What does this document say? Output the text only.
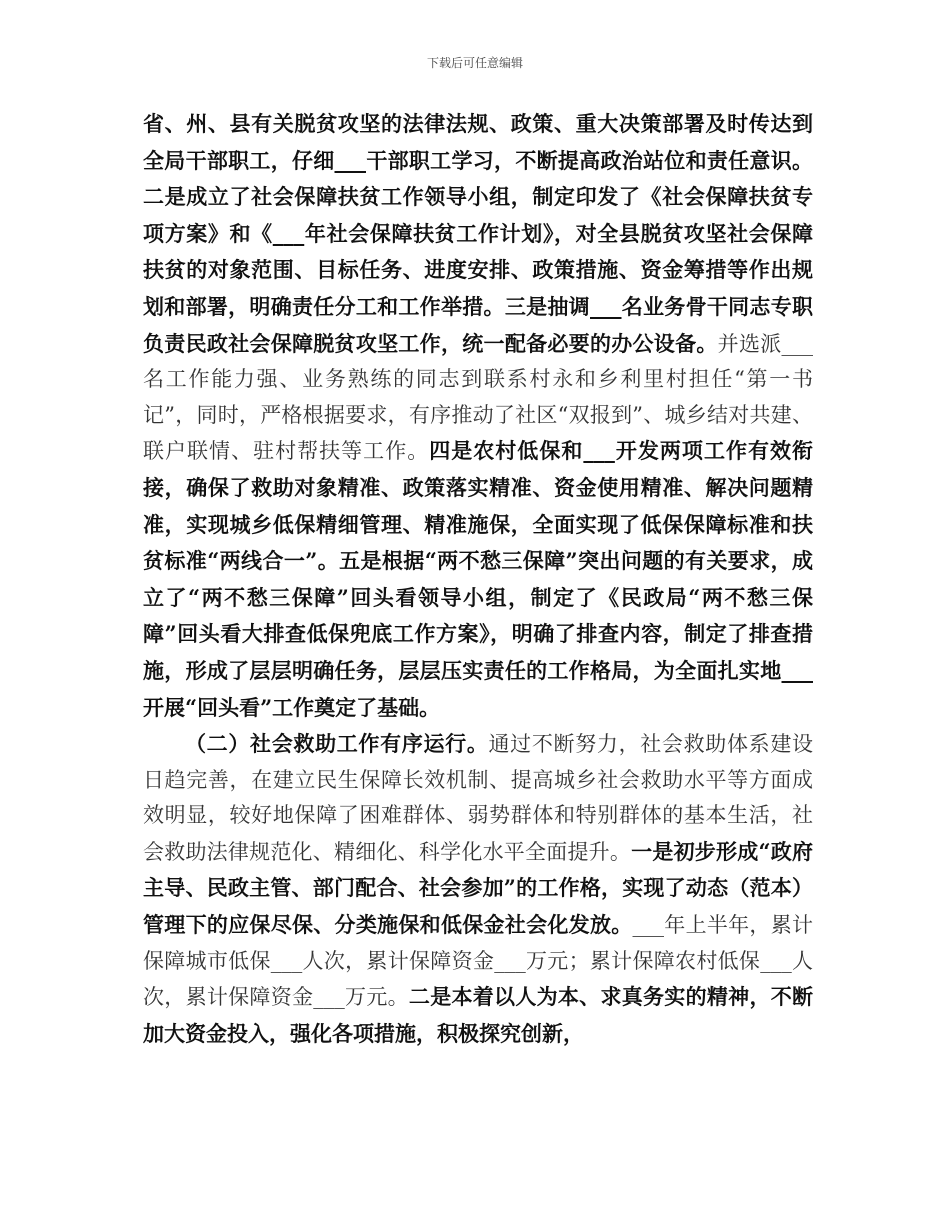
下载后可任意编辑

省、州、县有关脱贫攻坚的法律法规、政策、重大决策部署及时传达到全局干部职工，仔细___干部职工学习，不断提高政治站位和责任意识。二是成立了社会保障扶贫工作领导小组，制定印发了《社会保障扶贫专项方案》和《___年社会保障扶贫工作计划》，对全县脱贫攻坚社会保障扶贫的对象范围、目标任务、进度安排、政策措施、资金筹措等作出规划和部署，明确责任分工和工作举措。三是抽调___名业务骨干同志专职负责民政社会保障脱贫攻坚工作，统一配备必要的办公设备。并选派___名工作能力强、业务熟练的同志到联系村永和乡利里村担任“第一书记”，同时，严格根据要求，有序推动了社区“双报到”、城乡结对共建、联户联情、驻村帮扶等工作。四是农村低保和___开发两项工作有效衔接，确保了救助对象精准、政策落实精准、资金使用精准、解决问题精准，实现城乡低保精细管理、精准施保，全面实现了低保保障标准和扶贫标准“两线合一”。五是根据“两不愁三保障”突出问题的有关要求，成立了“两不愁三保障”回头看领导小组，制定了《民政局“两不愁三保障”回头看大排查低保兜底工作方案》，明确了排查内容，制定了排查措施，形成了层层明确任务，层层压实责任的工作格局，为全面扎实地___开展“回头看”工作奠定了基础。

（二）社会救助工作有序运行。通过不断努力，社会救助体系建设日趋完善，在建立民生保障长效机制、提高城乡社会救助水平等方面成效明显，较好地保障了困难群体、弱势群体和特别群体的基本生活，社会救助法律规范化、精细化、科学化水平全面提升。一是初步形成“政府主导、民政主管、部门配合、社会参加”的工作格，实现了动态（范本）管理下的应保尽保、分类施保和低保金社会化发放。___年上半年，累计保障城市低保___人次，累计保障资金___万元；累计保障农村低保___人次，累计保障资金___万元。二是本着以人为本、求真务实的精神，不断加大资金投入，强化各项措施，积极探究创新，
